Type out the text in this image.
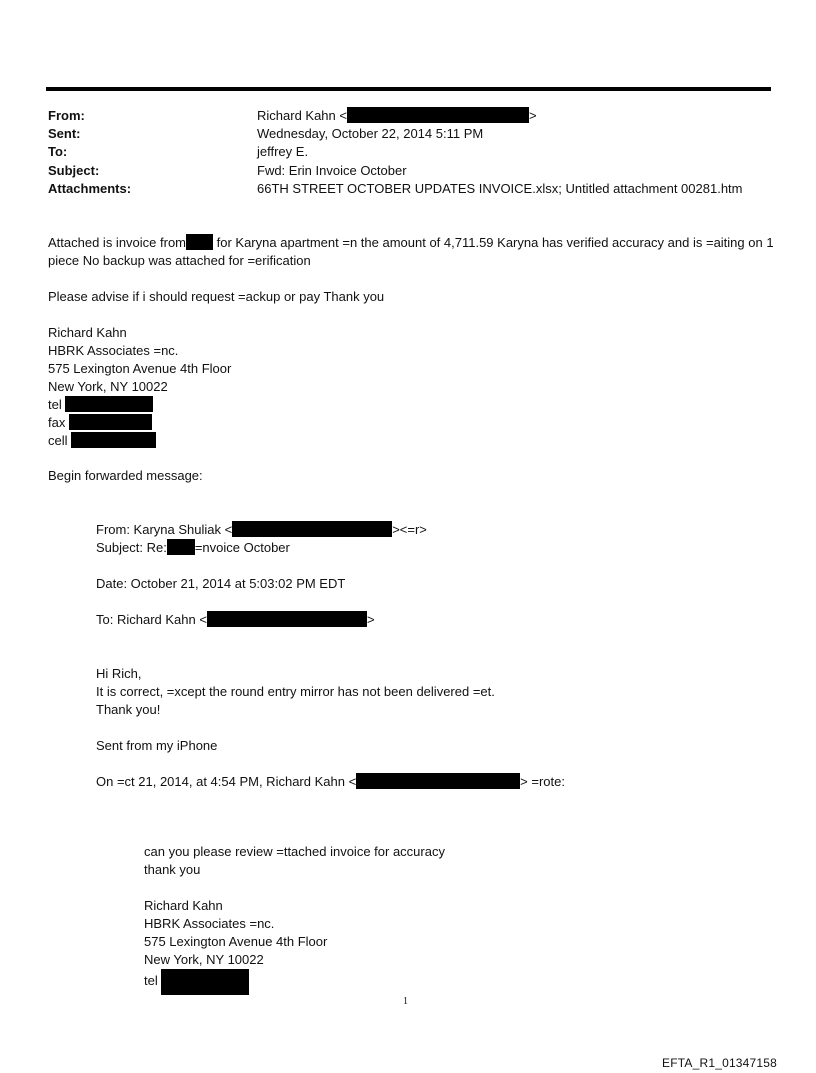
From:	Richard Kahn <	>
Sent:	Wednesday, October 22, 2014 5:11 PM
To:	jeffrey E.
Subject:	Fwd: Erin Invoice October
Attachments:	66TH STREET OCTOBER UPDATES INVOICE.xlsx; Untitled attachment 00281.htm
Attached is invoice from for Karyna apartment =n the amount of 4,711.59 Karyna has verified accuracy and is =aiting on 1 piece No backup was attached for =erification
Please advise if i should request =ackup or pay Thank you
Richard Kahn
HBRK Associates =nc.
575 Lexington Avenue 4th Floor
New York, NY 10022
tel
fax
cell
Begin forwarded message:
From: Karyna Shuliak <	><=r>
Subject: Re: =nvoice October
Date: October 21, 2014 at 5:03:02 PM EDT
To: Richard Kahn <	>
Hi Rich,
It is correct, =xcept the round entry mirror has not been delivered =et.
Thank you!
Sent from my iPhone
On =ct 21, 2014, at 4:54 PM, Richard Kahn <	> =rote:
can you please review =ttached invoice for accuracy
thank you
Richard Kahn
HBRK Associates =nc.
575 Lexington Avenue 4th Floor
New York, NY 10022
tel
1
EFTA_R1_01347158
